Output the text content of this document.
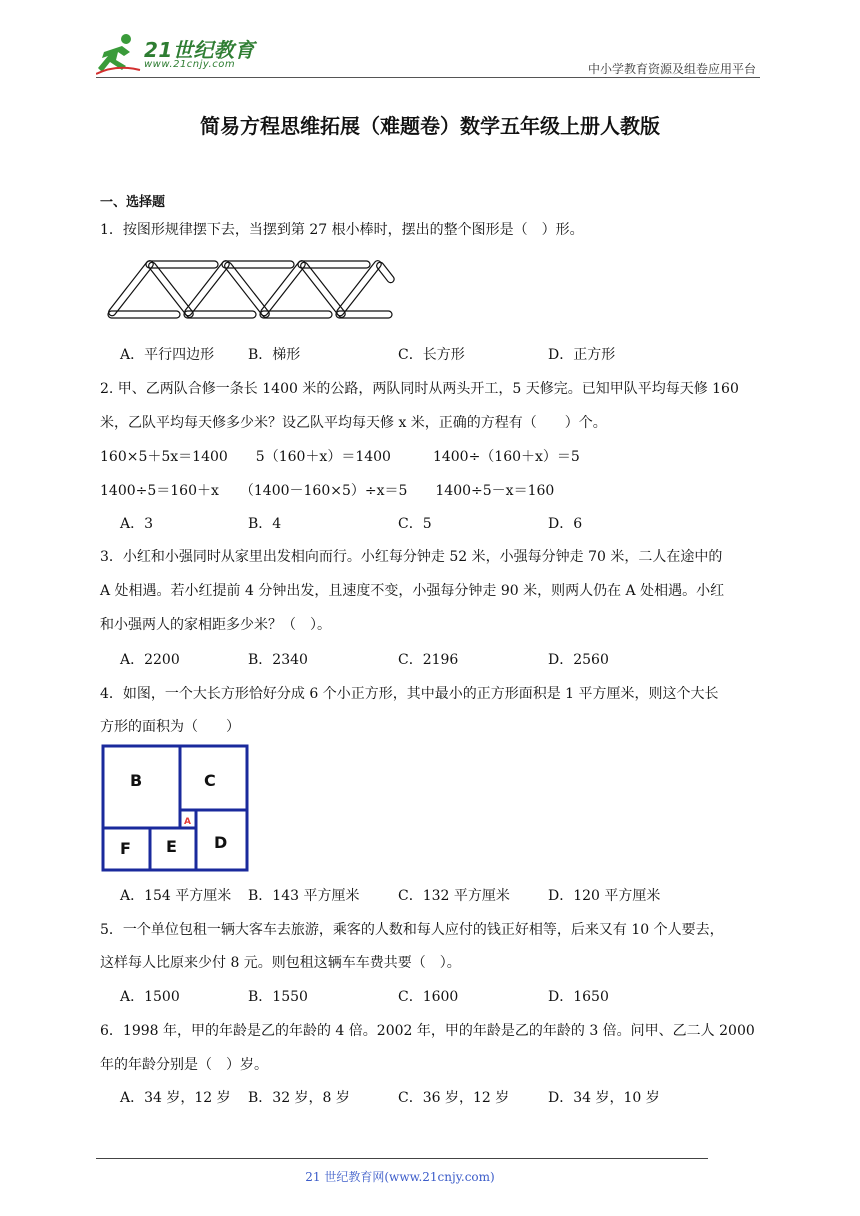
21世纪教育
www.21cnjy.com	中小学教育资源及组卷应用平台
简易方程思维拓展（难题卷）数学五年级上册人教版
一、选择题
1．按图形规律摆下去，当摆到第 27 根小棒时，摆出的整个图形是（　）形。
A．平行四边形 B．梯形	C．长方形	D．正方形
2. 甲、乙两队合修一条长 1400 米的公路，两队同时从两头开工，5 天修完。已知甲队平均每天修 160
米，乙队平均每天修多少米？设乙队平均每天修 x 米，正确的方程有（　　）个。
160×5＋5x＝1400　　5（160＋x）＝1400　　　1400÷（160＋x）＝5
1400÷5＝160＋x　　（1400－160×5）÷x＝5　　1400÷5－x＝160
A．3	B．4	C．5	D．6
3．小红和小强同时从家里出发相向而行。小红每分钟走 52 米，小强每分钟走 70 米，二人在途中的
A 处相遇。若小红提前 4 分钟出发，且速度不变，小强每分钟走 90 米，则两人仍在 A 处相遇。小红
和小强两人的家相距多少米？（　）。
A．2200	B．2340	C．2196	D．2560
4．如图，一个大长方形恰好分成 6 个小正方形，其中最小的正方形面积是 1 平方厘米，则这个大长
方形的面积为（　　）
B	C
A
D
F E
A．154 平方厘米 B．143 平方厘米	C．132 平方厘米	D．120 平方厘米
5．一个单位包租一辆大客车去旅游，乘客的人数和每人应付的钱正好相等，后来又有 10 个人要去，
这样每人比原来少付 8 元。则包租这辆车车费共要（　）。
A．1500	B．1550	C．1600	D．1650
6．1998 年，甲的年龄是乙的年龄的 4 倍。2002 年，甲的年龄是乙的年龄的 3 倍。问甲、乙二人 2000
年的年龄分别是（　）岁。
A．34 岁，12 岁 B．32 岁，8 岁	C．36 岁，12 岁	D．34 岁，10 岁
21 世纪教育网(www.21cnjy.com)
